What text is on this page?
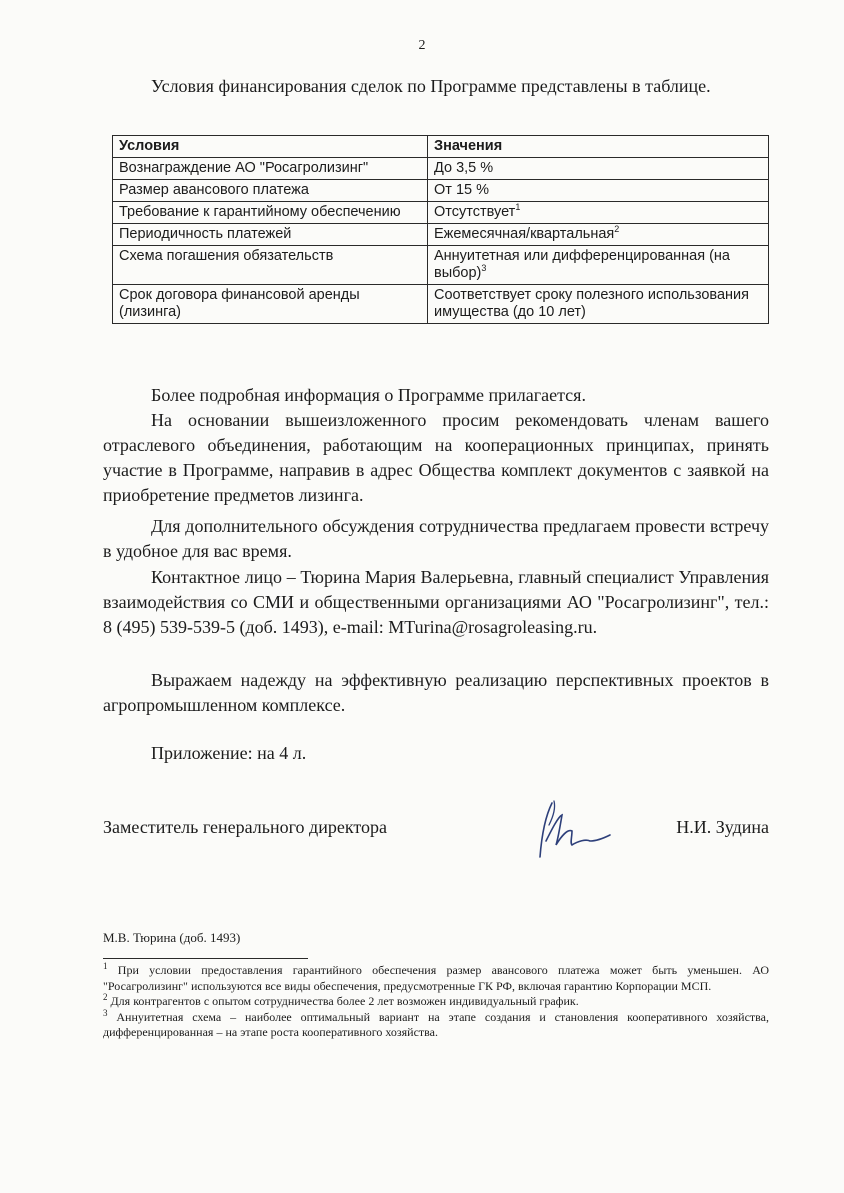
2
Условия финансирования сделок по Программе представлены в таблице.
Условия	Значения
Вознаграждение АО "Росагролизинг"	До 3,5 %
Размер авансового платежа	От 15 %
Требование к гарантийному обеспечению	Отсутствует$^1$
Периодичность платежей	Ежемесячная/квартальная$^2$
Схема погашения обязательств	Аннуитетная или дифференцированная (на выбор)$^3$
Срок договора финансовой аренды (лизинга)	Соответствует сроку полезного использования имущества (до 10 лет)
Более подробная информация о Программе прилагается.
На основании вышеизложенного просим рекомендовать членам вашего отраслевого объединения, работающим на кооперационных принципах, принять участие в Программе, направив в адрес Общества комплект документов с заявкой на приобретение предметов лизинга.
Для дополнительного обсуждения сотрудничества предлагаем провести встречу в удобное для вас время.
Контактное лицо – Тюрина Мария Валерьевна, главный специалист Управления взаимодействия со СМИ и общественными организациями АО "Росагролизинг", тел.: 8 (495) 539-539-5 (доб. 1493), e-mail: MTurina@rosagroleasing.ru.
Выражаем надежду на эффективную реализацию перспективных проектов в агропромышленном комплексе.
Приложение: на 4 л.
Заместитель генерального директора	Н.И. Зудина
М.В. Тюрина (доб. 1493)

$^1$ При условии предоставления гарантийного обеспечения размер авансового платежа может быть уменьшен. АО "Росагролизинг" используются все виды обеспечения, предусмотренные ГК РФ, включая гарантию Корпорации МСП.

$^2$ Для контрагентов с опытом сотрудничества более 2 лет возможен индивидуальный график.

$^3$ Аннуитетная схема – наиболее оптимальный вариант на этапе создания и становления кооперативного хозяйства, дифференцированная – на этапе роста кооперативного хозяйства.
